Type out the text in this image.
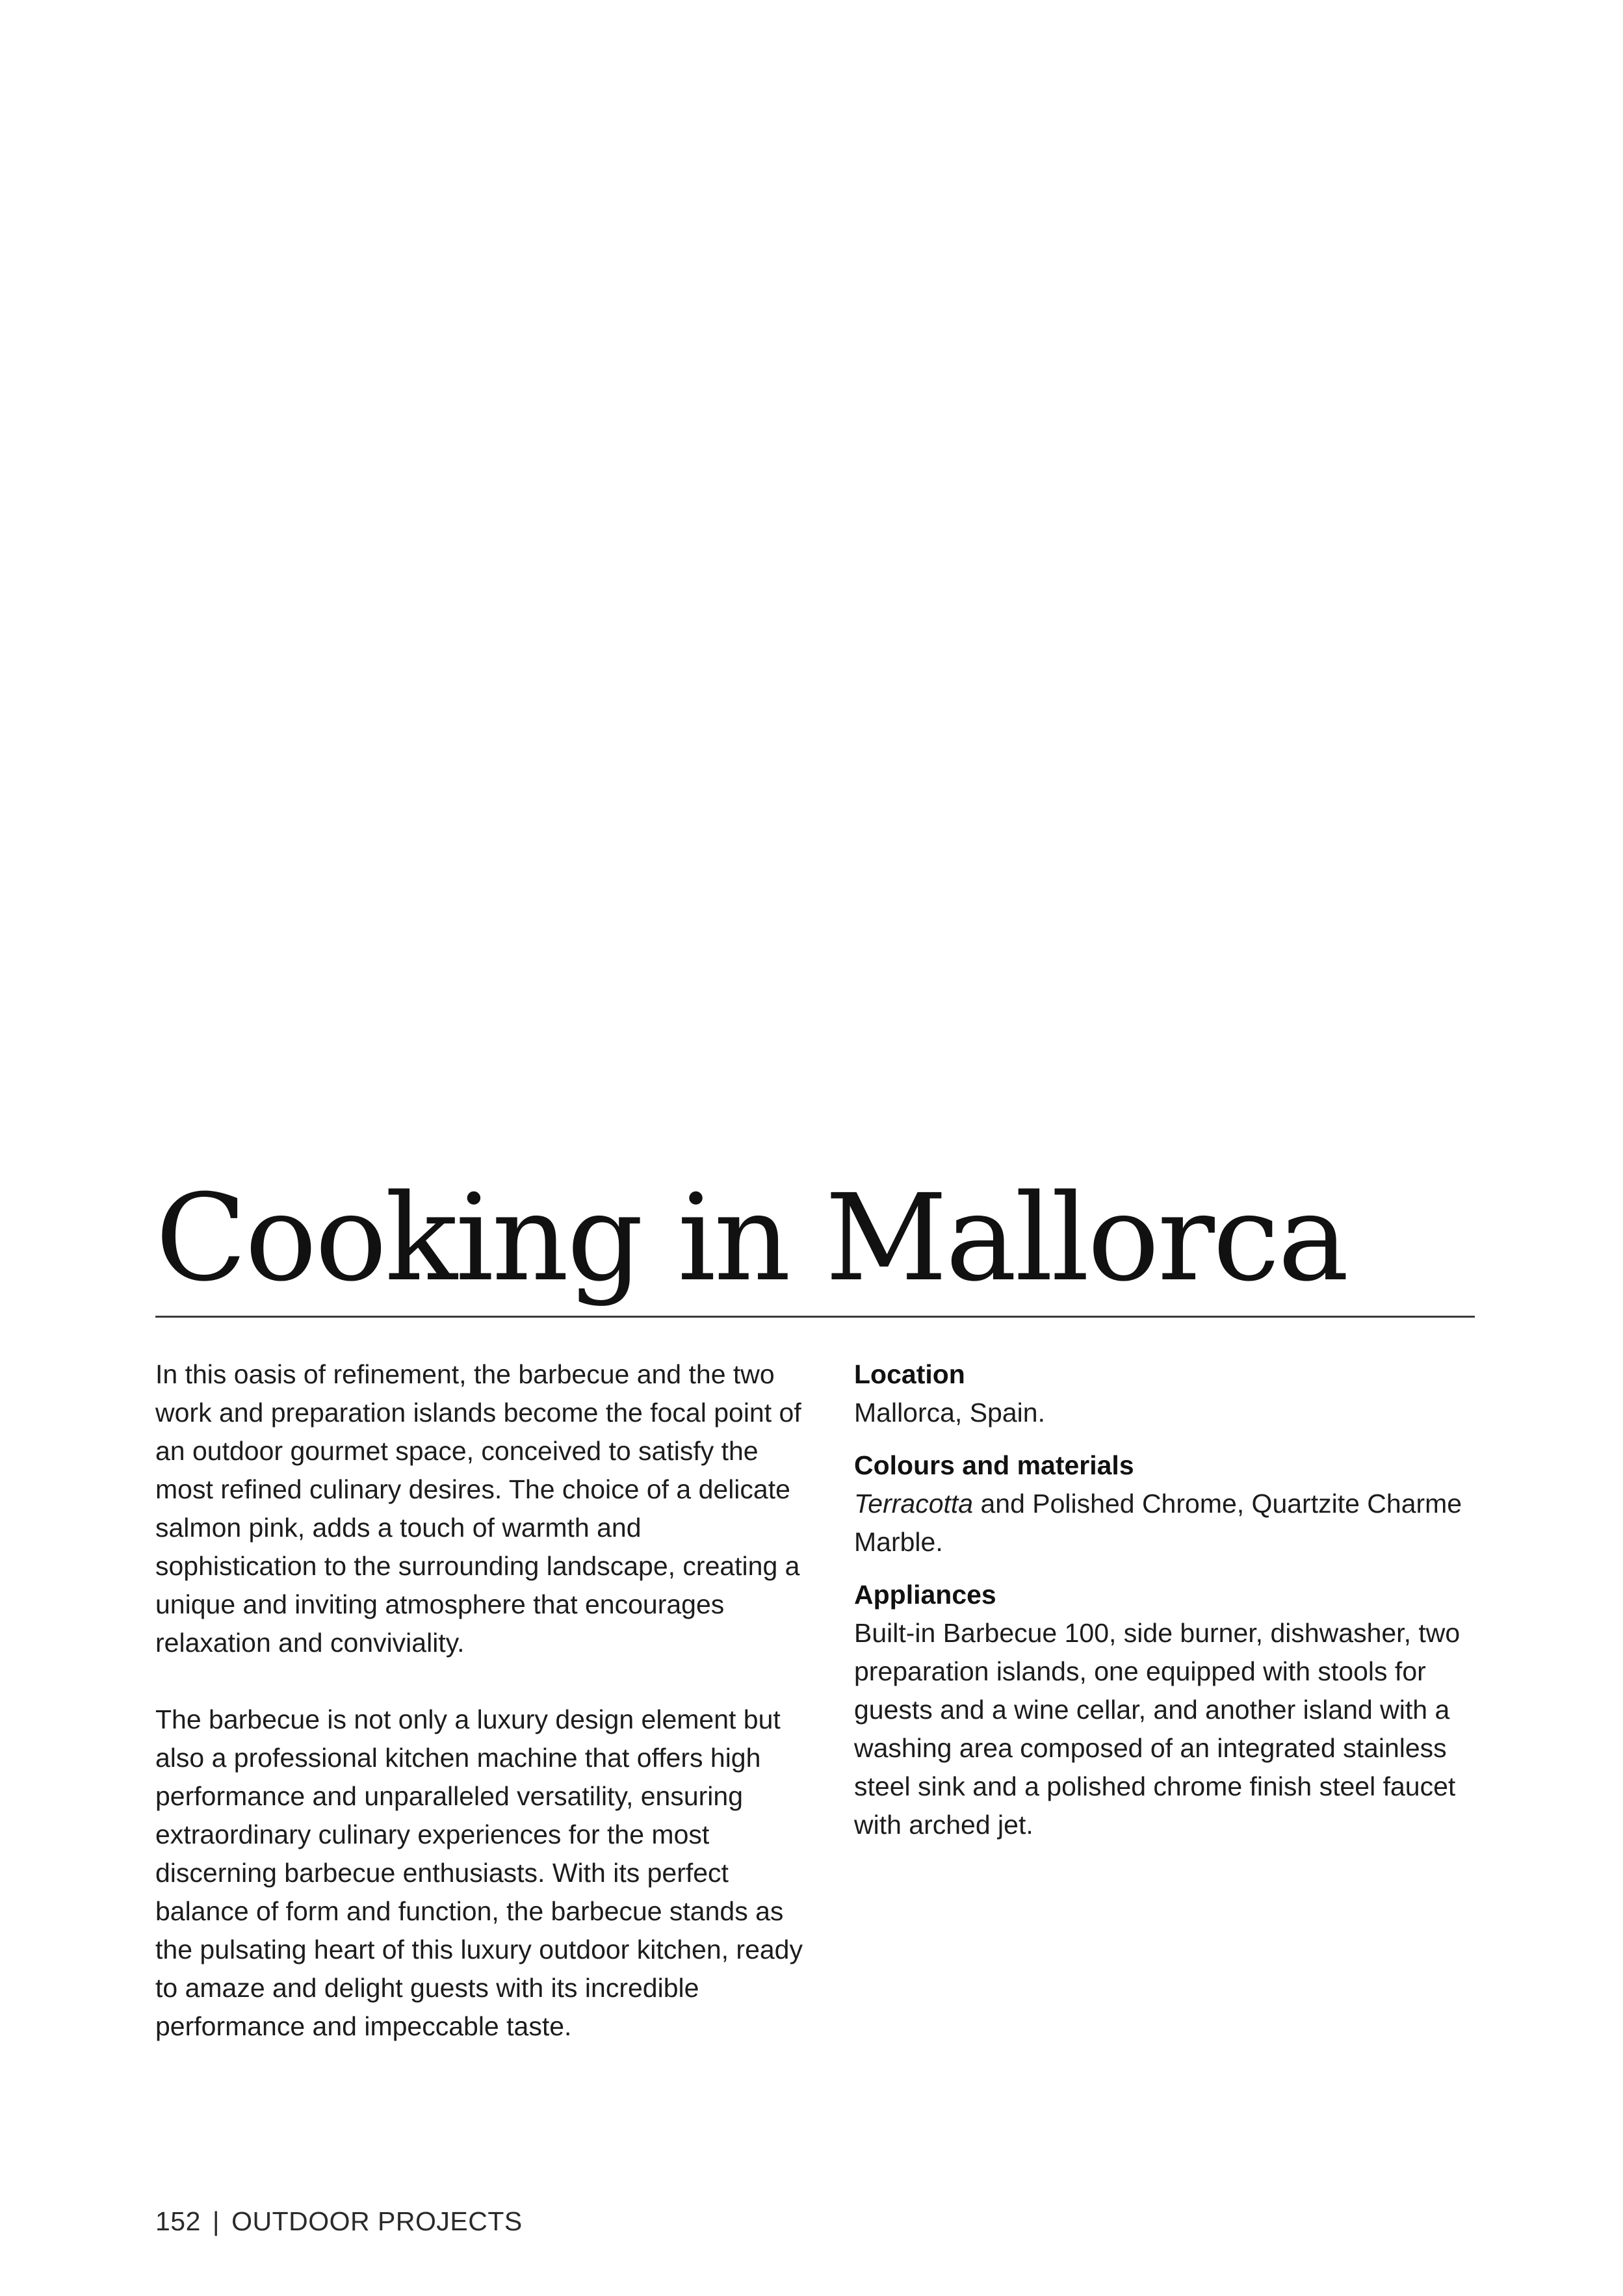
Cooking in Mallorca

In this oasis of refinement, the barbecue and the two work and preparation islands become the focal point of an outdoor gourmet space, conceived to satisfy the most refined culinary desires. The choice of a delicate salmon pink, adds a touch of warmth and sophistication to the surrounding landscape, creating a unique and inviting atmosphere that encourages relaxation and conviviality.

The barbecue is not only a luxury design element but also a professional kitchen machine that offers high performance and unparalleled versatility, ensuring extraordinary culinary experiences for the most discerning barbecue enthusiasts. With its perfect balance of form and function, the barbecue stands as the pulsating heart of this luxury outdoor kitchen, ready to amaze and delight guests with its incredible performance and impeccable taste.

Location

Mallorca, Spain.

Colours and materials

Terracotta and Polished Chrome, Quartzite Charme Marble.

Appliances

Built-in Barbecue 100, side burner, dishwasher, two preparation islands, one equipped with stools for guests and a wine cellar, and another island with a washing area composed of an integrated stainless steel sink and a polished chrome finish steel faucet with arched jet.

152 | OUTDOOR PROJECTS
